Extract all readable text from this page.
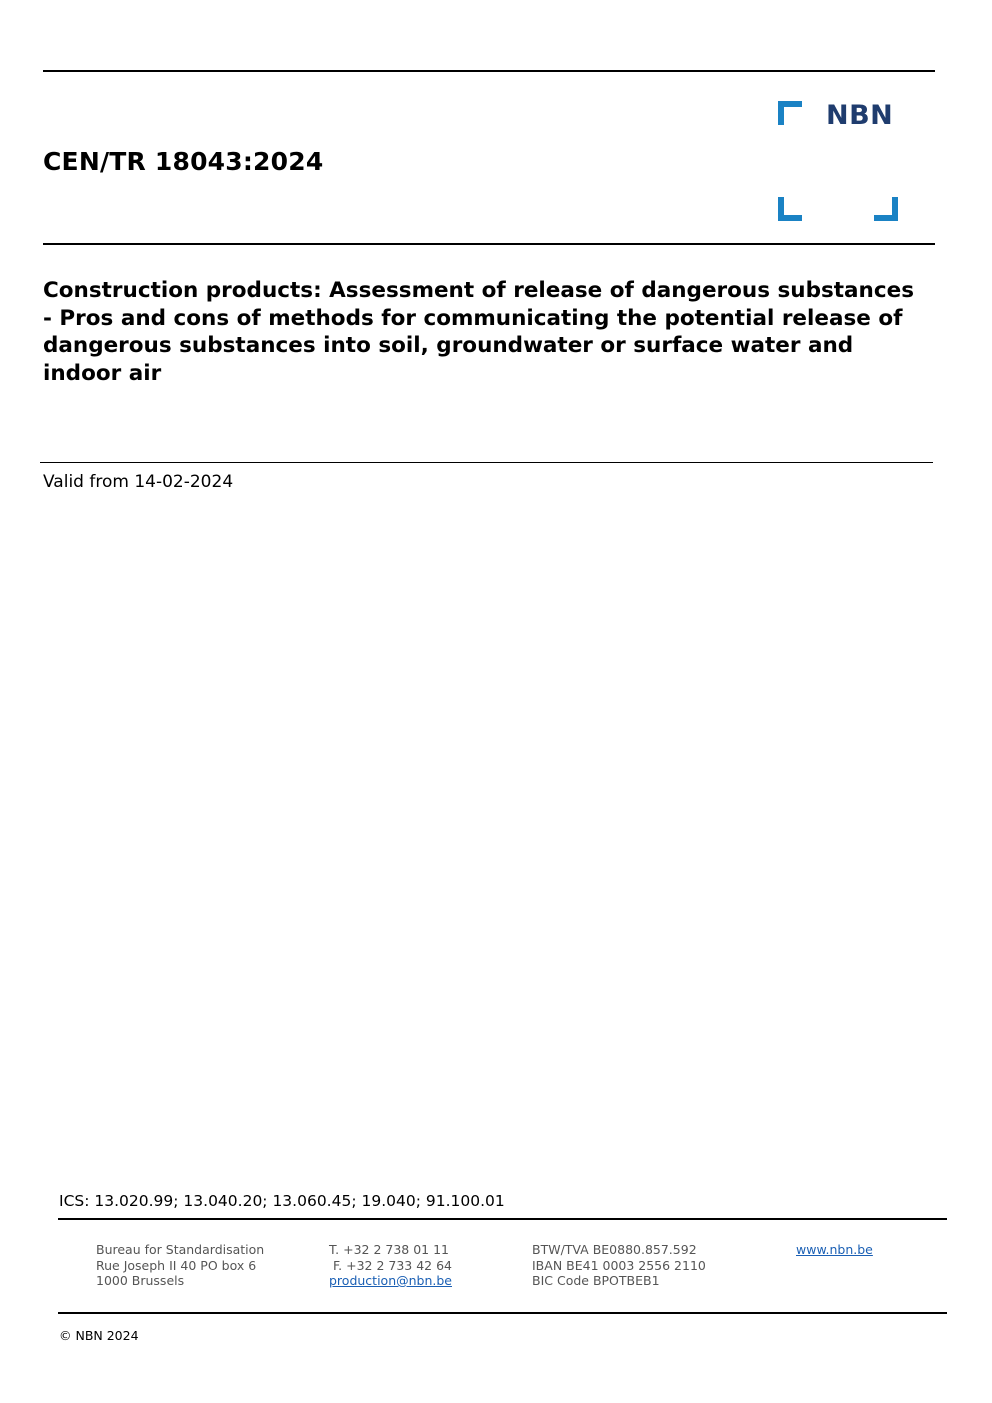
CEN/TR 18043:2024
NBN
Construction products: Assessment of release of dangerous substances - Pros and cons of methods for communicating the potential release of dangerous substances into soil, groundwater or surface water and indoor air
Valid from 14-02-2024
ICS: 13.020.99; 13.040.20; 13.060.45; 19.040; 91.100.01
Bureau for Standardisation
Rue Joseph II 40 PO box 6
1000 Brussels
T. +32 2 738 01 11
F. +32 2 733 42 64
production@nbn.be
BTW/TVA BE0880.857.592
IBAN BE41 0003 2556 2110
BIC Code BPOTBEB1
www.nbn.be
© NBN 2024
